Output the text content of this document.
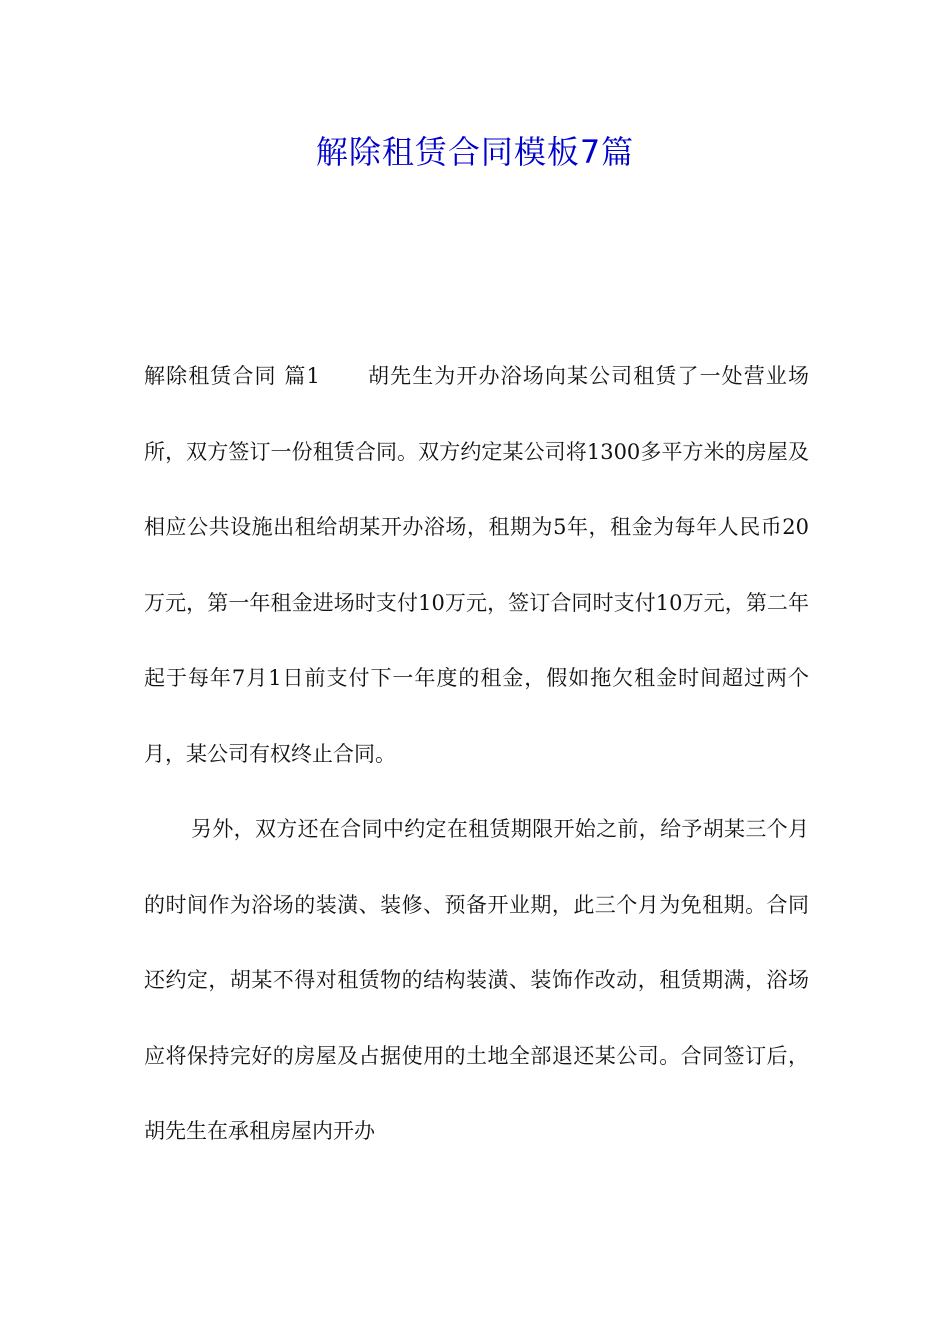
解除租赁合同模板7篇

解除租赁合同 篇1 胡先生为开办浴场向某公司租赁了一处营业场所，双方签订一份租赁合同。双方约定某公司将1300多平方米的房屋及相应公共设施出租给胡某开办浴场，租期为5年，租金为每年人民币20万元，第一年租金进场时支付10万元，签订合同时支付10万元，第二年起于每年7月1日前支付下一年度的租金，假如拖欠租金时间超过两个月，某公司有权终止合同。

另外，双方还在合同中约定在租赁期限开始之前，给予胡某三个月的时间作为浴场的装潢、装修、预备开业期，此三个月为免租期。合同还约定，胡某不得对租赁物的结构装潢、装饰作改动，租赁期满，浴场应将保持完好的房屋及占据使用的土地全部退还某公司。合同签订后，胡先生在承租房屋内开办
